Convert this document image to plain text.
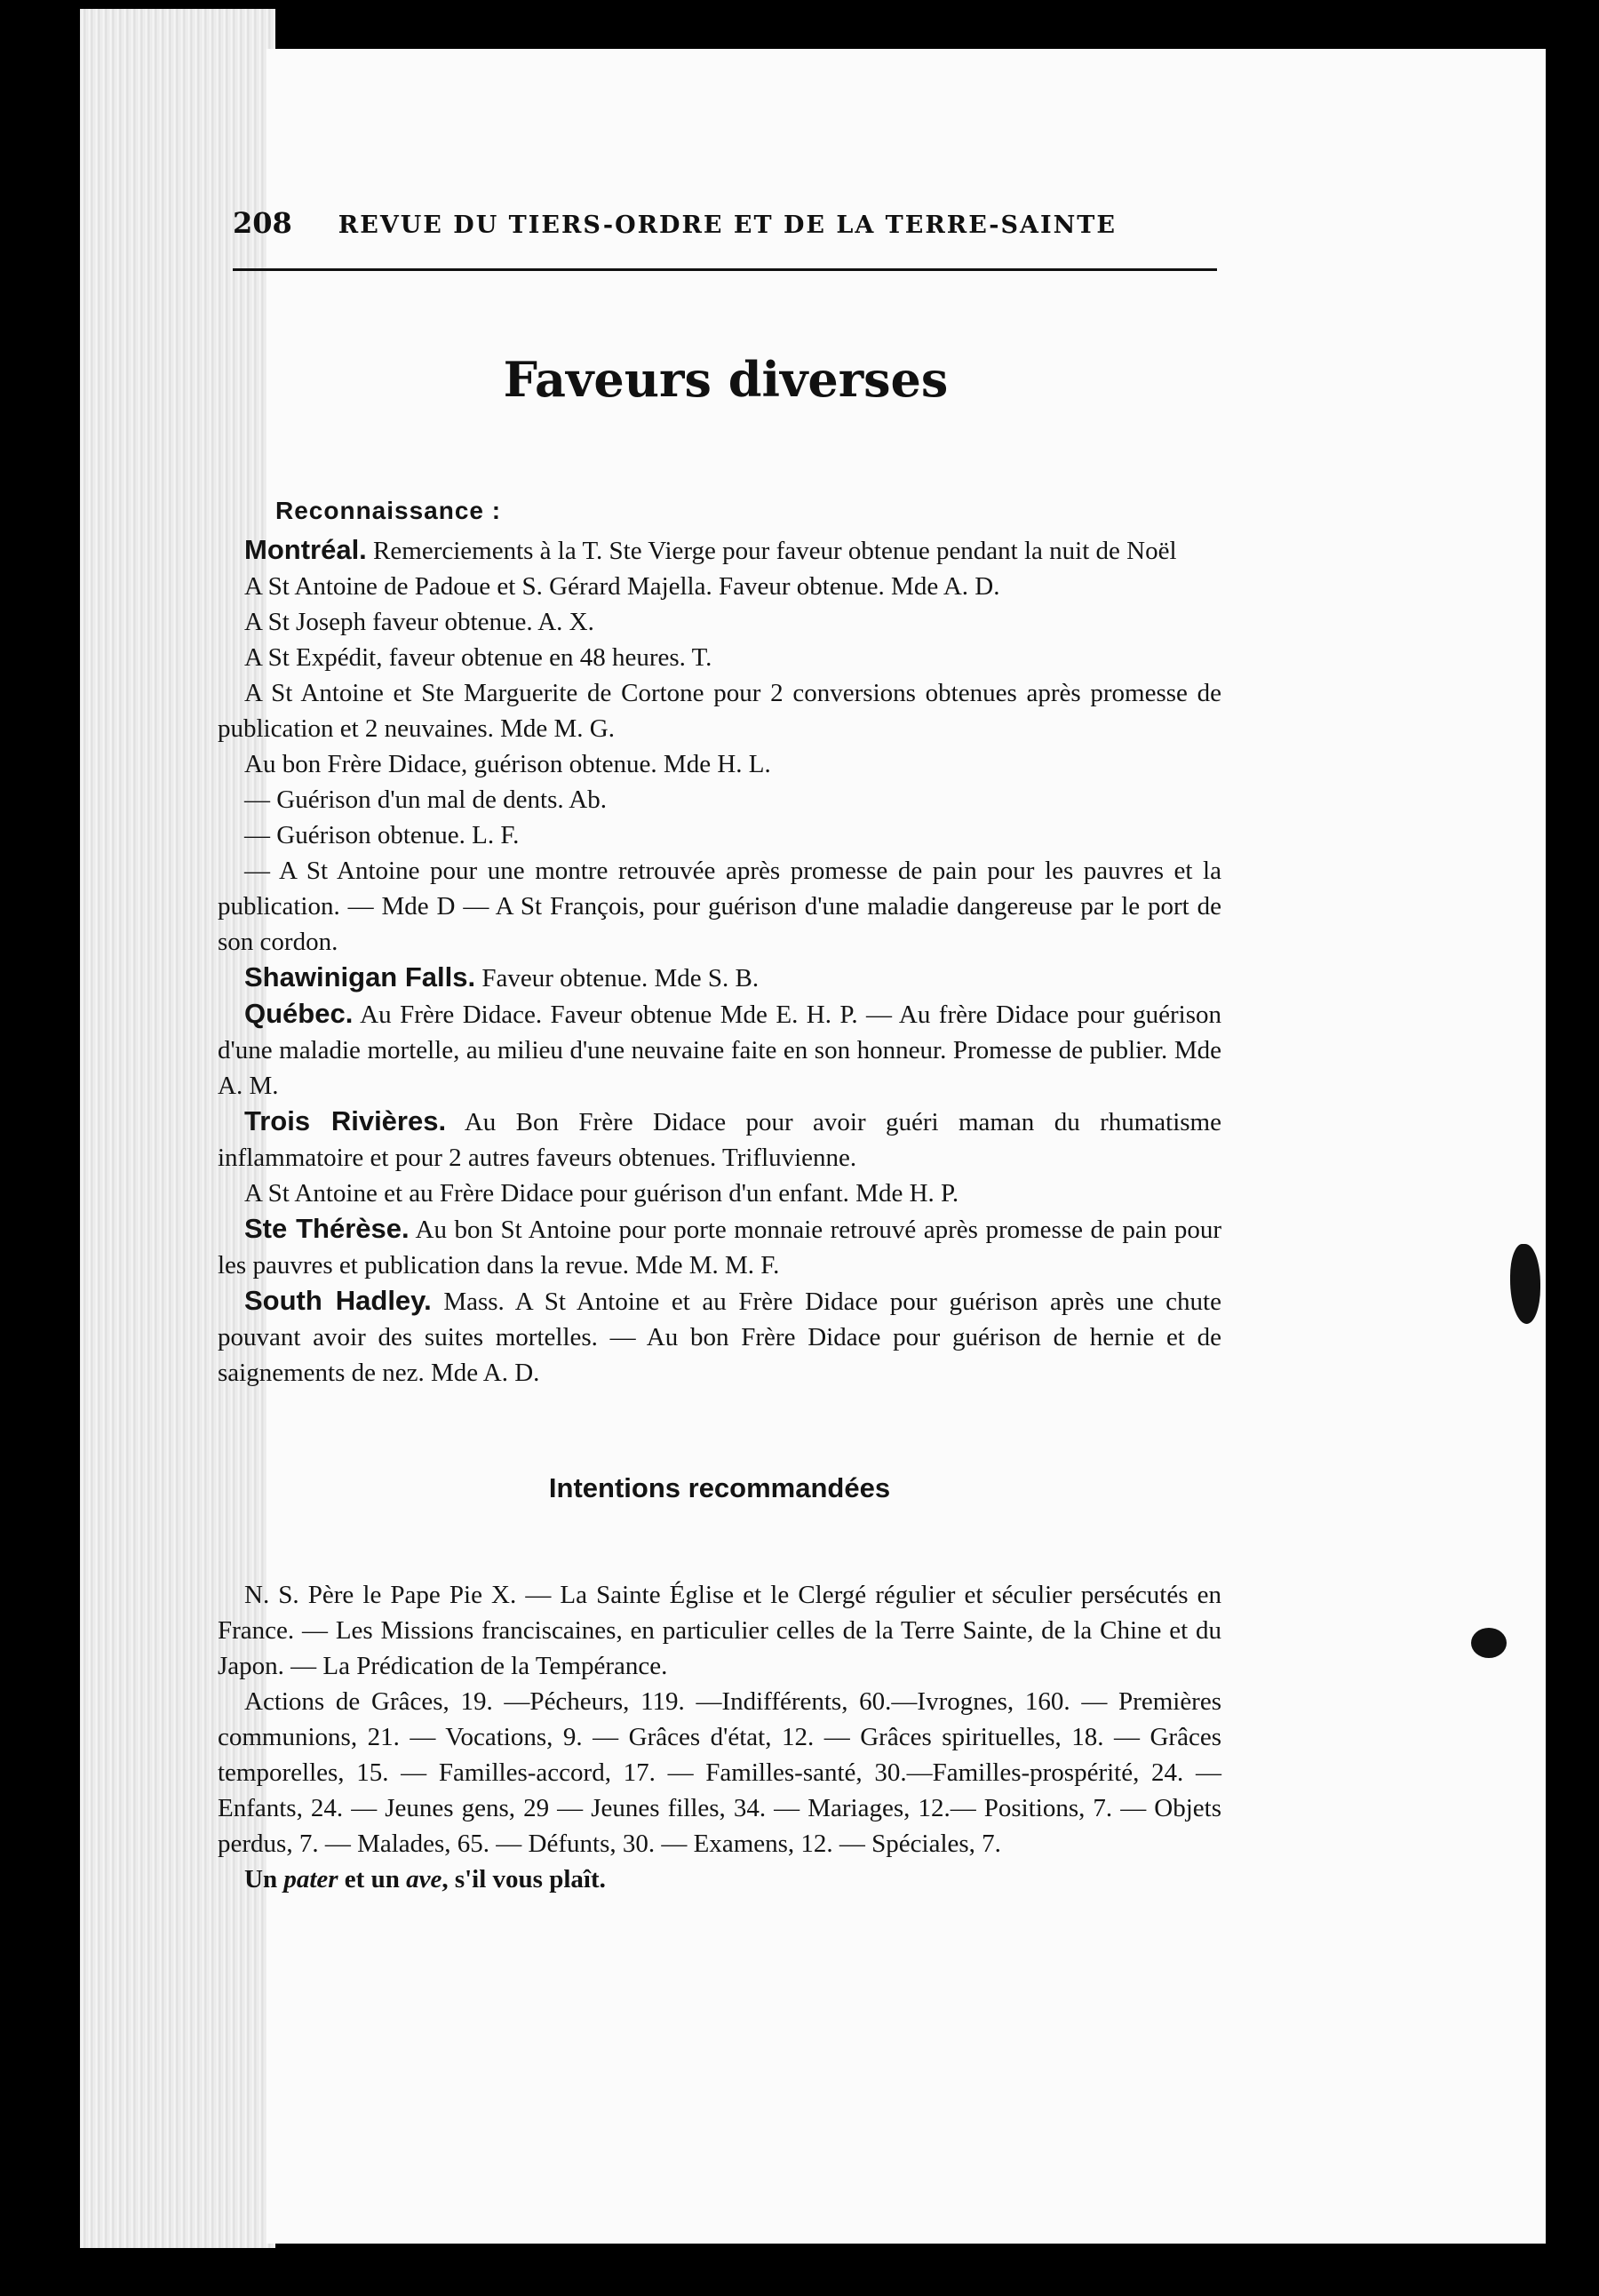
208 REVUE DU TIERS-ORDRE ET DE LA TERRE-SAINTE
Faveurs diverses
Reconnaissance :

Montréal. Remerciements à la T. Ste Vierge pour faveur obtenue pendant la nuit de Noël

A St Antoine de Padoue et S. Gérard Majella. Faveur obtenue. Mde A. D.

A St Joseph faveur obtenue. A. X.

A St Expédit, faveur obtenue en 48 heures. T.

A St Antoine et Ste Marguerite de Cortone pour 2 conversions obtenues après promesse de publication et 2 neuvaines. Mde M. G.

Au bon Frère Didace, guérison obtenue. Mde H. L.

— Guérison d'un mal de dents. Ab.

— Guérison obtenue. L. F.

— A St Antoine pour une montre retrouvée après promesse de pain pour les pauvres et la publication. — Mde D — A St François, pour guérison d'une maladie dangereuse par le port de son cordon.

Shawinigan Falls. Faveur obtenue. Mde S. B.

Québec. Au Frère Didace. Faveur obtenue Mde E. H. P. — Au frère Didace pour guérison d'une maladie mortelle, au milieu d'une neuvaine faite en son honneur. Promesse de publier. Mde A. M.

Trois Rivières. Au Bon Frère Didace pour avoir guéri maman du rhumatisme inflammatoire et pour 2 autres faveurs obtenues. Trifluvienne.

A St Antoine et au Frère Didace pour guérison d'un enfant. Mde H. P.

Ste Thérèse. Au bon St Antoine pour porte monnaie retrouvé après promesse de pain pour les pauvres et publication dans la revue. Mde M. M. F.

South Hadley. Mass. A St Antoine et au Frère Didace pour guérison après une chute pouvant avoir des suites mortelles. — Au bon Frère Didace pour guérison de hernie et de saignements de nez. Mde A. D.

Intentions recommandées

N. S. Père le Pape Pie X. — La Sainte Église et le Clergé régulier et séculier persécutés en France. — Les Missions franciscaines, en particulier celles de la Terre Sainte, de la Chine et du Japon. — La Prédication de la Tempérance.

Actions de Grâces, 19. —Pécheurs, 119. —Indifférents, 60.—Ivrognes, 160. — Premières communions, 21. — Vocations, 9. — Grâces d'état, 12. — Grâces spirituelles, 18. — Grâces temporelles, 15. — Familles-accord, 17. — Familles-santé, 30.—Familles-prospérité, 24. — Enfants, 24. — Jeunes gens, 29 — Jeunes filles, 34. — Mariages, 12.— Positions, 7. — Objets perdus, 7. — Malades, 65. — Défunts, 30. — Examens, 12. — Spéciales, 7.

Un pater et un ave, s'il vous plaît.
